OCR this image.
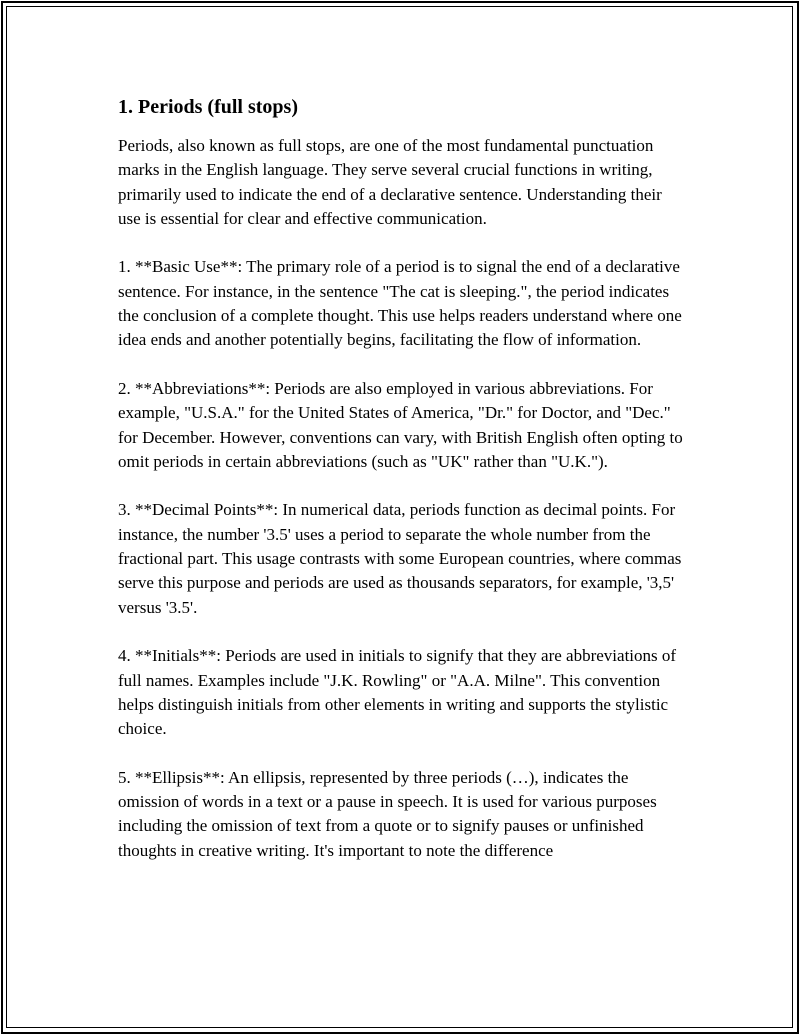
1. Periods (full stops)

Periods, also known as full stops, are one of the most fundamental punctuation marks in the English language. They serve several crucial functions in writing, primarily used to indicate the end of a declarative sentence. Understanding their use is essential for clear and effective communication.

1. **Basic Use**: The primary role of a period is to signal the end of a declarative sentence. For instance, in the sentence "The cat is sleeping.", the period indicates the conclusion of a complete thought. This use helps readers understand where one idea ends and another potentially begins, facilitating the flow of information.

2. **Abbreviations**: Periods are also employed in various abbreviations. For example, "U.S.A." for the United States of America, "Dr." for Doctor, and "Dec." for December. However, conventions can vary, with British English often opting to omit periods in certain abbreviations (such as "UK" rather than "U.K.").

3. **Decimal Points**: In numerical data, periods function as decimal points. For instance, the number '3.5' uses a period to separate the whole number from the fractional part. This usage contrasts with some European countries, where commas serve this purpose and periods are used as thousands separators, for example, '3,5' versus '3.5'.

4. **Initials**: Periods are used in initials to signify that they are abbreviations of full names. Examples include "J.K. Rowling" or "A.A. Milne". This convention helps distinguish initials from other elements in writing and supports the stylistic choice.

5. **Ellipsis**: An ellipsis, represented by three periods (…), indicates the omission of words in a text or a pause in speech. It is used for various purposes including the omission of text from a quote or to signify pauses or unfinished thoughts in creative writing. It's important to note the difference
